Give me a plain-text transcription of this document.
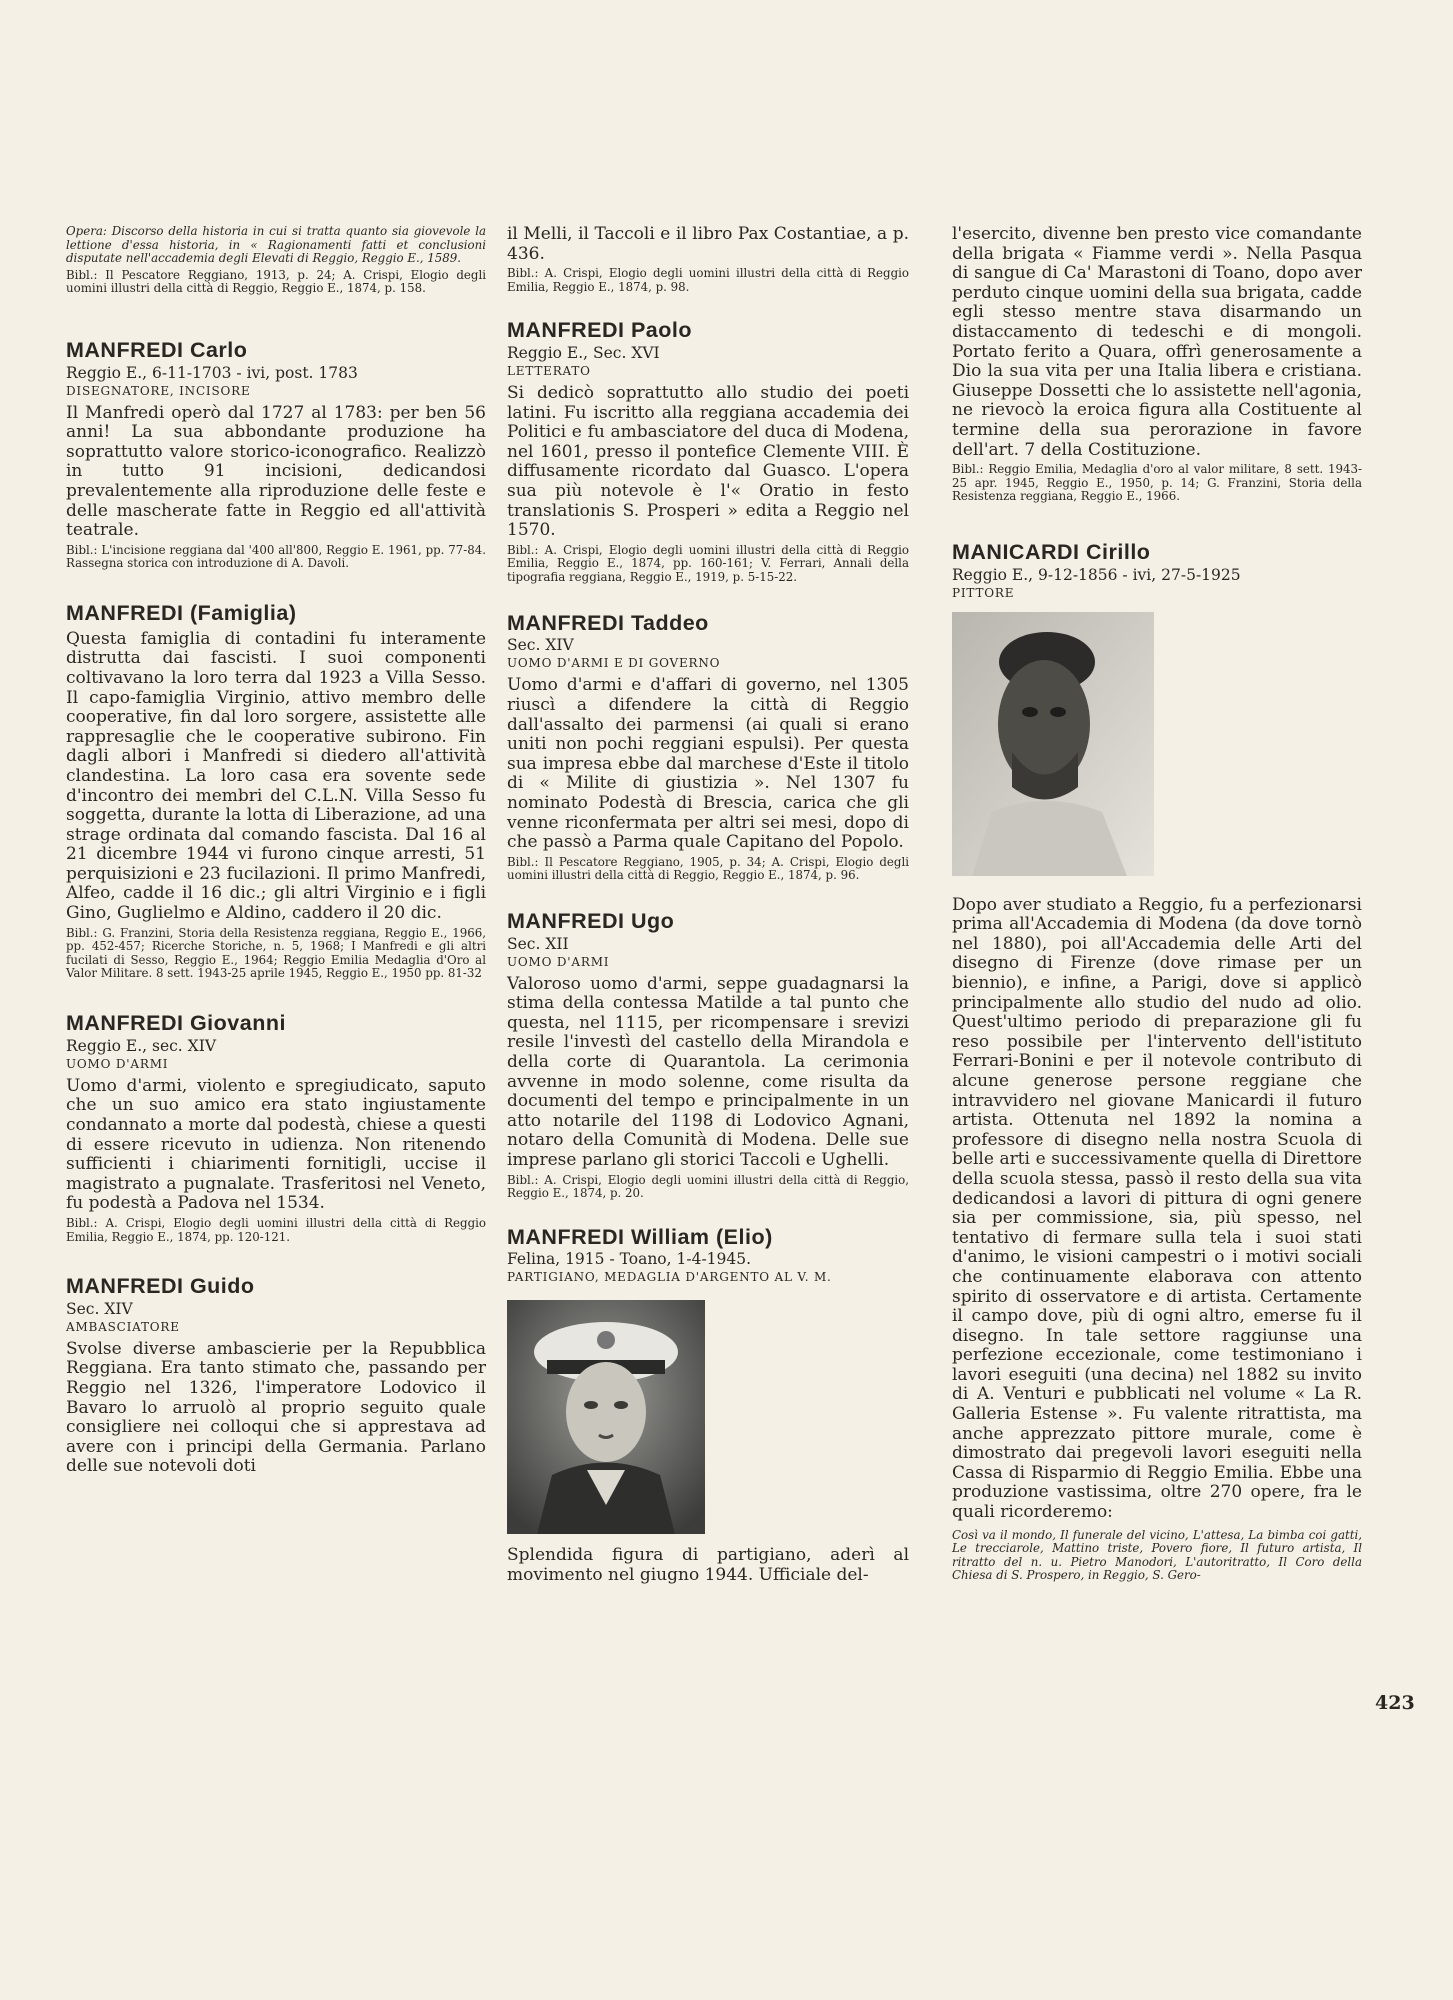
Opera: Discorso della historia in cui si tratta quanto sia giovevole la lettione d'essa historia, in « Ragionamenti fatti et conclusioni disputate nell'accademia degli Elevati di Reggio, Reggio E., 1589.

Bibl.: Il Pescatore Reggiano, 1913, p. 24; A. Crispi, Elogio degli uomini illustri della città di Reggio, Reggio E., 1874, p. 158.

MANFREDI Carlo

Reggio E., 6-11-1703 - ivi, post. 1783

DISEGNATORE, INCISORE

Il Manfredi operò dal 1727 al 1783: per ben 56 anni! La sua abbondante produzione ha soprattutto valore storico-iconografico. Realizzò in tutto 91 incisioni, dedicandosi prevalentemente alla riproduzione delle feste e delle mascherate fatte in Reggio ed all'attività teatrale.

Bibl.: L'incisione reggiana dal '400 all'800, Reggio E. 1961, pp. 77-84. Rassegna storica con introduzione di A. Davoli.

MANFREDI (Famiglia)

Questa famiglia di contadini fu interamente distrutta dai fascisti. I suoi componenti coltivavano la loro terra dal 1923 a Villa Sesso. Il capo-famiglia Virginio, attivo membro delle cooperative, fin dal loro sorgere, assistette alle rappresaglie che le cooperative subirono. Fin dagli albori i Manfredi si diedero all'attività clandestina. La loro casa era sovente sede d'incontro dei membri del C.L.N. Villa Sesso fu soggetta, durante la lotta di Liberazione, ad una strage ordinata dal comando fascista. Dal 16 al 21 dicembre 1944 vi furono cinque arresti, 51 perquisizioni e 23 fucilazioni. Il primo Manfredi, Alfeo, cadde il 16 dic.; gli altri Virginio e i figli Gino, Guglielmo e Aldino, caddero il 20 dic.

Bibl.: G. Franzini, Storia della Resistenza reggiana, Reggio E., 1966, pp. 452-457; Ricerche Storiche, n. 5, 1968; I Manfredi e gli altri fucilati di Sesso, Reggio E., 1964; Reggio Emilia Medaglia d'Oro al Valor Militare. 8 sett. 1943-25 aprile 1945, Reggio E., 1950 pp. 81-32

MANFREDI Giovanni

Reggio E., sec. XIV

UOMO D'ARMI

Uomo d'armi, violento e spregiudicato, saputo che un suo amico era stato ingiustamente condannato a morte dal podestà, chiese a questi di essere ricevuto in udienza. Non ritenendo sufficienti i chiarimenti fornitigli, uccise il magistrato a pugnalate. Trasferitosi nel Veneto, fu podestà a Padova nel 1534.

Bibl.: A. Crispi, Elogio degli uomini illustri della città di Reggio Emilia, Reggio E., 1874, pp. 120-121.

MANFREDI Guido

Sec. XIV

AMBASCIATORE

Svolse diverse ambascierie per la Repubblica Reggiana. Era tanto stimato che, passando per Reggio nel 1326, l'imperatore Lodovico il Bavaro lo arruolò al proprio seguito quale consigliere nei colloqui che si apprestava ad avere con i principi della Germania. Parlano delle sue notevoli doti

il Melli, il Taccoli e il libro Pax Costantiae, a p. 436.

Bibl.: A. Crispi, Elogio degli uomini illustri della città di Reggio Emilia, Reggio E., 1874, p. 98.

MANFREDI Paolo

Reggio E., Sec. XVI

LETTERATO

Si dedicò soprattutto allo studio dei poeti latini. Fu iscritto alla reggiana accademia dei Politici e fu ambasciatore del duca di Modena, nel 1601, presso il pontefice Clemente VIII. È diffusamente ricordato dal Guasco. L'opera sua più notevole è l'« Oratio in festo translationis S. Prosperi » edita a Reggio nel 1570.

Bibl.: A. Crispi, Elogio degli uomini illustri della città di Reggio Emilia, Reggio E., 1874, pp. 160-161; V. Ferrari, Annali della tipografia reggiana, Reggio E., 1919, p. 5-15-22.

MANFREDI Taddeo

Sec. XIV

UOMO D'ARMI E DI GOVERNO

Uomo d'armi e d'affari di governo, nel 1305 riuscì a difendere la città di Reggio dall'assalto dei parmensi (ai quali si erano uniti non pochi reggiani espulsi). Per questa sua impresa ebbe dal marchese d'Este il titolo di « Milite di giustizia ». Nel 1307 fu nominato Podestà di Brescia, carica che gli venne riconfermata per altri sei mesi, dopo di che passò a Parma quale Capitano del Popolo.

Bibl.: Il Pescatore Reggiano, 1905, p. 34; A. Crispi, Elogio degli uomini illustri della città di Reggio, Reggio E., 1874, p. 96.

MANFREDI Ugo

Sec. XII

UOMO D'ARMI

Valoroso uomo d'armi, seppe guadagnarsi la stima della contessa Matilde a tal punto che questa, nel 1115, per ricompensare i srevizi resile l'investì del castello della Mirandola e della corte di Quarantola. La cerimonia avvenne in modo solenne, come risulta da documenti del tempo e principalmente in un atto notarile del 1198 di Lodovico Agnani, notaro della Comunità di Modena. Delle sue imprese parlano gli storici Taccoli e Ughelli.

Bibl.: A. Crispi, Elogio degli uomini illustri della città di Reggio, Reggio E., 1874, p. 20.

MANFREDI William (Elio)

Felina, 1915 - Toano, 1-4-1945.

PARTIGIANO, MEDAGLIA D'ARGENTO AL V. M.

Splendida figura di partigiano, aderì al movimento nel giugno 1944. Ufficiale del-

l'esercito, divenne ben presto vice comandante della brigata « Fiamme verdi ». Nella Pasqua di sangue di Ca' Marastoni di Toano, dopo aver perduto cinque uomini della sua brigata, cadde egli stesso mentre stava disarmando un distaccamento di tedeschi e di mongoli. Portato ferito a Quara, offrì generosamente a Dio la sua vita per una Italia libera e cristiana. Giuseppe Dossetti che lo assistette nell'agonia, ne rievocò la eroica figura alla Costituente al termine della sua perorazione in favore dell'art. 7 della Costituzione.

Bibl.: Reggio Emilia, Medaglia d'oro al valor militare, 8 sett. 1943-25 apr. 1945, Reggio E., 1950, p. 14; G. Franzini, Storia della Resistenza reggiana, Reggio E., 1966.

MANICARDI Cirillo

Reggio E., 9-12-1856 - ivi, 27-5-1925

PITTORE

Dopo aver studiato a Reggio, fu a perfezionarsi prima all'Accademia di Modena (da dove tornò nel 1880), poi all'Accademia delle Arti del disegno di Firenze (dove rimase per un biennio), e infine, a Parigi, dove si applicò principalmente allo studio del nudo ad olio. Quest'ultimo periodo di preparazione gli fu reso possibile per l'intervento dell'istituto Ferrari-Bonini e per il notevole contributo di alcune generose persone reggiane che intravvidero nel giovane Manicardi il futuro artista. Ottenuta nel 1892 la nomina a professore di disegno nella nostra Scuola di belle arti e successivamente quella di Direttore della scuola stessa, passò il resto della sua vita dedicandosi a lavori di pittura di ogni genere sia per commissione, sia, più spesso, nel tentativo di fermare sulla tela i suoi stati d'animo, le visioni campestri o i motivi sociali che continuamente elaborava con attento spirito di osservatore e di artista. Certamente il campo dove, più di ogni altro, emerse fu il disegno. In tale settore raggiunse una perfezione eccezionale, come testimoniano i lavori eseguiti (una decina) nel 1882 su invito di A. Venturi e pubblicati nel volume « La R. Galleria Estense ». Fu valente ritrattista, ma anche apprezzato pittore murale, come è dimostrato dai pregevoli lavori eseguiti nella Cassa di Risparmio di Reggio Emilia. Ebbe una produzione vastissima, oltre 270 opere, fra le quali ricorderemo:

Così va il mondo, Il funerale del vicino, L'attesa, La bimba coi gatti, Le trecciarole, Mattino triste, Povero fiore, Il futuro artista, Il ritratto del n. u. Pietro Manodori, L'autoritratto, Il Coro della Chiesa di S. Prospero, in Reggio, S. Gero-

423
